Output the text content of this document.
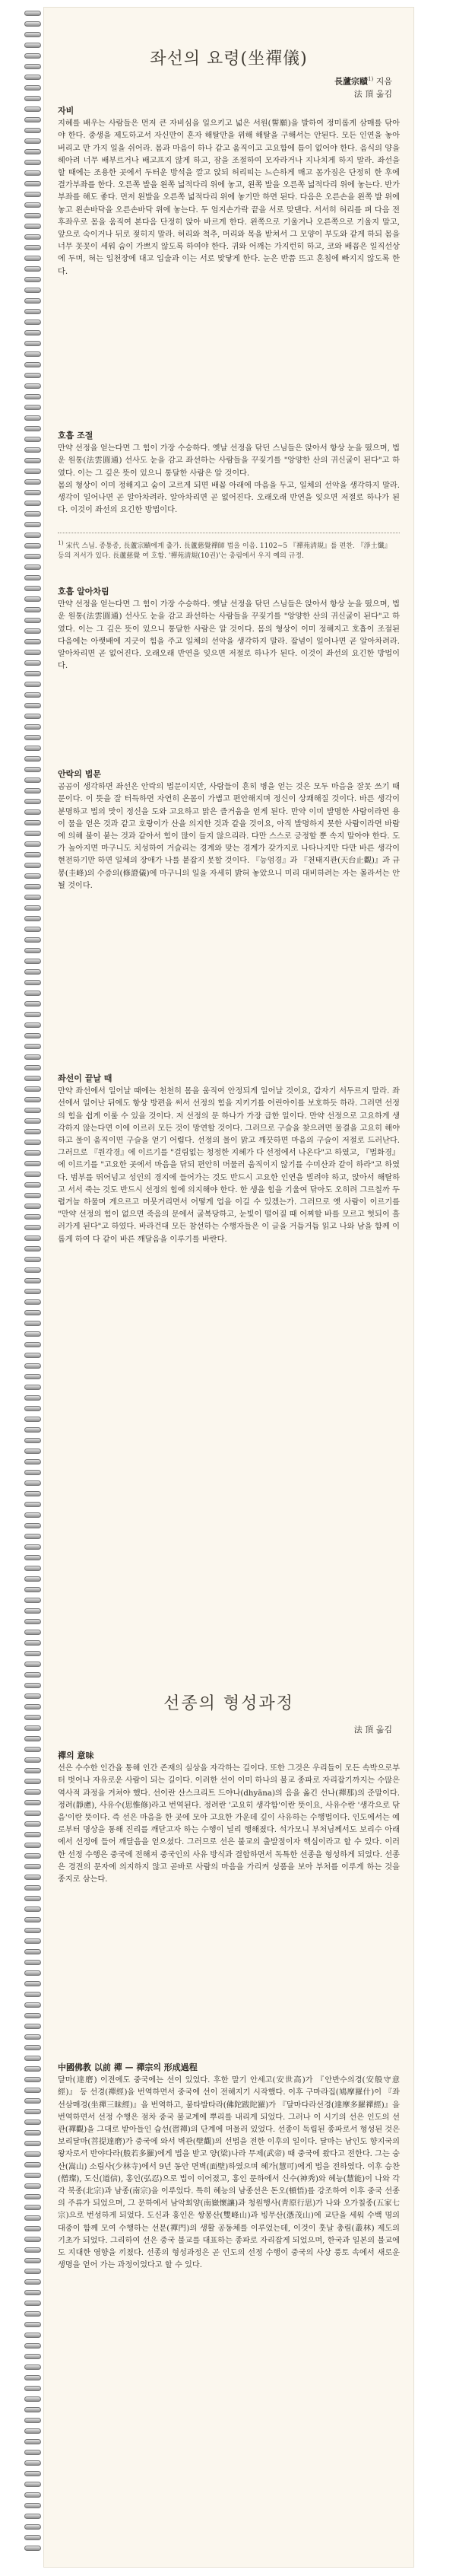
좌선의 요령(坐禪儀)
長蘆宗賾$^{1)}$ 지음
法 頂 옮김
자비

지혜를 배우는 사람들은 먼저 큰 자비심을 일으키고 넓은 서원(誓願)을 발하여 정미롭게 삼매를 닦아야 한다. 중생을 제도하고서 자신만이 혼자 해탈만을 위해 해탈을 구해서는 안된다. 모든 인연을 놓아 버리고 만 가지 일을 쉬어라. 몸과 마음이 하나 같고 움직이고 고요함에 틈이 없어야 한다. 음식의 양을 헤아려 너무 배부르거나 배고프지 않게 하고, 잠을 조절하여 모자라거나 지나치게 하지 말라. 좌선을 할 때에는 조용한 곳에서 두터운 방석을 깔고 앉되 허리띠는 느슨하게 매고 몸가짐은 단정히 한 후에 결가부좌를 한다. 오른쪽 발을 왼쪽 넓적다리 위에 놓고, 왼쪽 발을 오른쪽 넓적다리 위에 놓는다. 반가부좌를 해도 좋다. 먼저 왼발을 오른쪽 넓적다리 위에 놓기만 하면 된다. 다음은 오른손을 왼쪽 발 위에 놓고 왼손바닥을 오른손바닥 위에 놓는다. 두 엄지손가락 끝을 서로 맞댄다. 서서히 허리를 펴 다음 전후좌우로 몸을 움직여 본다음 단정히 앉아 바르게 한다. 왼쪽으로 기울거나 오른쪽으로 기울지 말고, 앞으로 숙이거나 뒤로 젖히지 말라. 허리와 척추, 머리와 목을 받쳐서 그 모양이 부도와 같게 하되 몸을 너무 꼿꼿이 세워 숨이 가쁘지 않도록 하여야 한다. 귀와 어깨는 가지런히 하고, 코와 배꼽은 일직선상에 두며, 혀는 입천장에 대고 입술과 이는 서로 맞닿게 한다. 눈은 반쯤 뜨고 혼침에 빠지지 않도록 한다.

호흡 조절

만약 선정을 얻는다면 그 힘이 가장 수승하다. 옛날 선정을 닦던 스님들은 앉아서 항상 눈을 떴으며, 법운 원통(法雲圓通) 선사도 눈을 감고 좌선하는 사람들을 꾸짖기를 "앙양한 산의 귀신굴이 된다"고 하였다. 이는 그 깊은 뜻이 있으니 통달한 사람은 알 것이다.

몸의 형상이 이미 정해지고 숨이 고르게 되면 배꼽 아래에 마음을 두고, 일체의 선악을 생각하지 말라. 생각이 일어나면 곧 알아차려라. 알아차리면 곧 없어진다. 오래오래 반연을 잊으면 저절로 하나가 된다. 이것이 좌선의 요긴한 방법이다.

$^{1)}$ 宋代 스님. 종통종, 長蘆宗賾에게 출가. 長蘆慈覺禪師 법을 이음. 1102~5 『禪苑淸規』를 편찬. 『淨土懺』 등의 저서가 있다. 長蘆慈覺 여 호함. '禪苑淸規(10권)'는 총림에서 우지 예의 규정.
호흡 알아차림

만약 선정을 얻는다면 그 힘이 가장 수승하다. 옛날 선정을 닦던 스님들은 앉아서 항상 눈을 떴으며, 법운 원통(法雲圓通) 선사도 눈을 감고 좌선하는 사람들을 꾸짖기를 "앙양한 산의 귀신굴이 된다"고 하였다. 이는 그 깊은 뜻이 있으니 통달한 사람은 알 것이다. 몸의 형상이 이미 정해지고 호흡이 조절된 다음에는 아랫배에 지긋이 힘을 주고 일체의 선악을 생각하지 말라. 잡념이 일어나면 곧 알아차려라. 알아차리면 곧 없어진다. 오래오래 반연을 잊으면 저절로 하나가 된다. 이것이 좌선의 요긴한 방법이다.

안락의 법문

곰곰이 생각하면 좌선은 안락의 법문이지만, 사람들이 흔히 병을 얻는 것은 모두 마음을 잘못 쓰기 때문이다. 이 뜻을 잘 터득하면 자연히 온몸이 가볍고 편안해지며 정신이 상쾌해질 것이다. 바른 생각이 분명하고 법의 맛이 정신을 도와 고요하고 맑은 즐거움을 얻게 된다. 만약 이미 발명한 사람이라면 용이 물을 얻은 것과 같고 호랑이가 산을 의지한 것과 같을 것이요, 아직 발명하지 못한 사람이라면 바람에 의해 불이 붙는 것과 같아서 힘이 많이 들지 않으리라. 다만 스스로 긍정할 뿐 속지 말아야 한다. 도가 높아지면 마구니도 치성하여 거슬리는 경계와 맞는 경계가 갖가지로 나타나지만 다만 바른 생각이 현전하기만 하면 일체의 장애가 나를 붙잡지 못할 것이다. 『능엄경』과 『천태지관(天台止觀)』과 규봉(圭峰)의 수증의(修證儀)에 마구니의 일을 자세히 밝혀 놓았으니 미리 대비하려는 자는 몰라서는 안 될 것이다.

좌선이 끝날 때

만약 좌선에서 일어날 때에는 천천히 몸을 움직여 안정되게 일어날 것이요, 갑자기 서두르지 말라. 좌선에서 일어난 뒤에도 항상 방편을 써서 선정의 힘을 지키기를 어린아이를 보호하듯 하라. 그러면 선정의 힘을 쉽게 이룰 수 있을 것이다. 저 선정의 문 하나가 가장 급한 일이다. 만약 선정으로 고요하게 생각하지 않는다면 이에 이르러 모든 것이 망연할 것이다. 그러므로 구슬을 찾으려면 물결을 고요히 해야 하고 물이 움직이면 구슬을 얻기 어렵다. 선정의 물이 맑고 깨끗하면 마음의 구슬이 저절로 드러난다. 그러므로 『원각경』에 이르기를 "걸림없는 청정한 지혜가 다 선정에서 나온다"고 하였고, 『법화경』에 이르기를 "고요한 곳에서 마음을 닦되 편안히 머물러 움직이지 않기를 수미산과 같이 하라"고 하였다. 범부를 뛰어넘고 성인의 경지에 들어가는 것도 반드시 고요한 인연을 빌려야 하고, 앉아서 해탈하고 서서 죽는 것도 반드시 선정의 힘에 의지해야 한다. 한 생을 힘을 기울여 닦아도 오히려 그르칠까 두렵거늘 하물며 게으르고 머뭇거리면서 어떻게 업을 이길 수 있겠는가. 그러므로 옛 사람이 이르기를 "만약 선정의 힘이 없으면 죽음의 문에서 굴복당하고, 눈빛이 떨어질 때 어찌할 바를 모르고 헛되이 흘러가게 된다"고 하였다. 바라건대 모든 참선하는 수행자들은 이 글을 거듭거듭 읽고 나와 남을 함께 이롭게 하여 다 같이 바른 깨달음을 이루기를 바란다.

선종의 형성과정
法 頂 옮김
禪의 意味

선은 수수한 인간을 통해 인간 존재의 실상을 자각하는 길이다. 또한 그것은 우리들이 모든 속박으로부터 벗어나 자유로운 사람이 되는 길이다. 이러한 선이 이미 하나의 불교 종파로 자리잡기까지는 수많은 역사적 과정을 거쳐야 했다. 선이란 산스크리트 드야나(dhyāna)의 음을 옮긴 선나(禪那)의 준말이다. 정려(靜慮), 사유수(思惟修)라고 번역된다. 정려란 '고요히 생각함'이란 뜻이요, 사유수란 '생각으로 닦음'이란 뜻이다. 즉 선은 마음을 한 곳에 모아 고요한 가운데 깊이 사유하는 수행법이다. 인도에서는 예로부터 명상을 통해 진리를 깨닫고자 하는 수행이 널리 행해졌다. 석가모니 부처님께서도 보리수 아래에서 선정에 들어 깨달음을 얻으셨다. 그러므로 선은 불교의 출발점이자 핵심이라고 할 수 있다. 이러한 선정 수행은 중국에 전해져 중국인의 사유 방식과 결합하면서 독특한 선종을 형성하게 되었다. 선종은 경전의 문자에 의지하지 않고 곧바로 사람의 마음을 가리켜 성품을 보아 부처를 이루게 하는 것을 종지로 삼는다.

中國佛教 以前 禪 — 禪宗의 形成過程

달마(達磨) 이전에도 중국에는 선이 있었다. 후한 말기 안세고(安世高)가 『안반수의경(安般守意經)』 등 선경(禪經)을 번역하면서 중국에 선이 전해지기 시작했다. 이후 구마라집(鳩摩羅什)이 『좌선삼매경(坐禪三昧經)』을 번역하고, 불타발타라(佛陀跋陀羅)가 『달마다라선경(達摩多羅禪經)』을 번역하면서 선정 수행은 점차 중국 불교계에 뿌리를 내리게 되었다. 그러나 이 시기의 선은 인도의 선관(禪觀)을 그대로 받아들인 습선(習禪)의 단계에 머물러 있었다. 선종이 독립된 종파로서 형성된 것은 보리달마(菩提達磨)가 중국에 와서 벽관(壁觀)의 선법을 전한 이후의 일이다. 달마는 남인도 향지국의 왕자로서 반야다라(般若多羅)에게 법을 받고 양(梁)나라 무제(武帝) 때 중국에 왔다고 전한다. 그는 숭산(嵩山) 소림사(少林寺)에서 9년 동안 면벽(面壁)하였으며 혜가(慧可)에게 법을 전하였다. 이후 승찬(僧璨), 도신(道信), 홍인(弘忍)으로 법이 이어졌고, 홍인 문하에서 신수(神秀)와 혜능(慧能)이 나와 각각 북종(北宗)과 남종(南宗)을 이루었다. 특히 혜능의 남종선은 돈오(頓悟)를 강조하여 이후 중국 선종의 주류가 되었으며, 그 문하에서 남악회양(南嶽懷讓)과 청원행사(靑原行思)가 나와 오가칠종(五家七宗)으로 번성하게 되었다. 도신과 홍인은 쌍봉산(雙峰山)과 빙무산(憑茂山)에 교단을 세워 수백 명의 대중이 함께 모여 수행하는 선문(禪門)의 생활 공동체를 이루었는데, 이것이 훗날 총림(叢林) 제도의 기초가 되었다. 그리하여 선은 중국 불교를 대표하는 종파로 자리잡게 되었으며, 한국과 일본의 불교에도 지대한 영향을 끼쳤다. 선종의 형성과정은 곧 인도의 선정 수행이 중국의 사상 풍토 속에서 새로운 생명을 얻어 가는 과정이었다고 할 수 있다.
